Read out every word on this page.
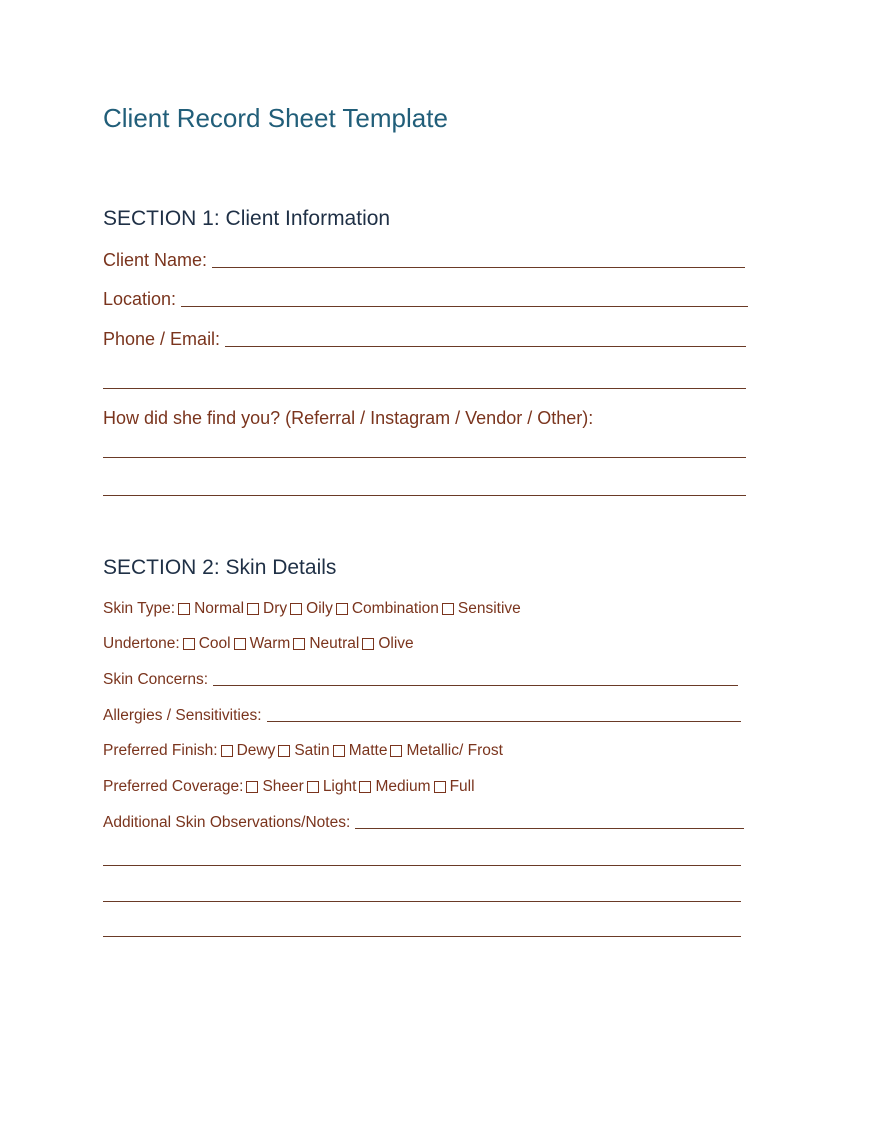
Client Record Sheet Template
SECTION 1: Client Information
Client Name:
Location:
Phone / Email:
How did she find you? (Referral / Instagram / Vendor / Other):
SECTION 2: Skin Details
Skin Type: Normal Dry Oily Combination Sensitive
Undertone: Cool Warm Neutral Olive
Skin Concerns:
Allergies / Sensitivities:
Preferred Finish: Dewy Satin Matte Metallic/ Frost
Preferred Coverage: Sheer Light Medium Full
Additional Skin Observations/Notes:
